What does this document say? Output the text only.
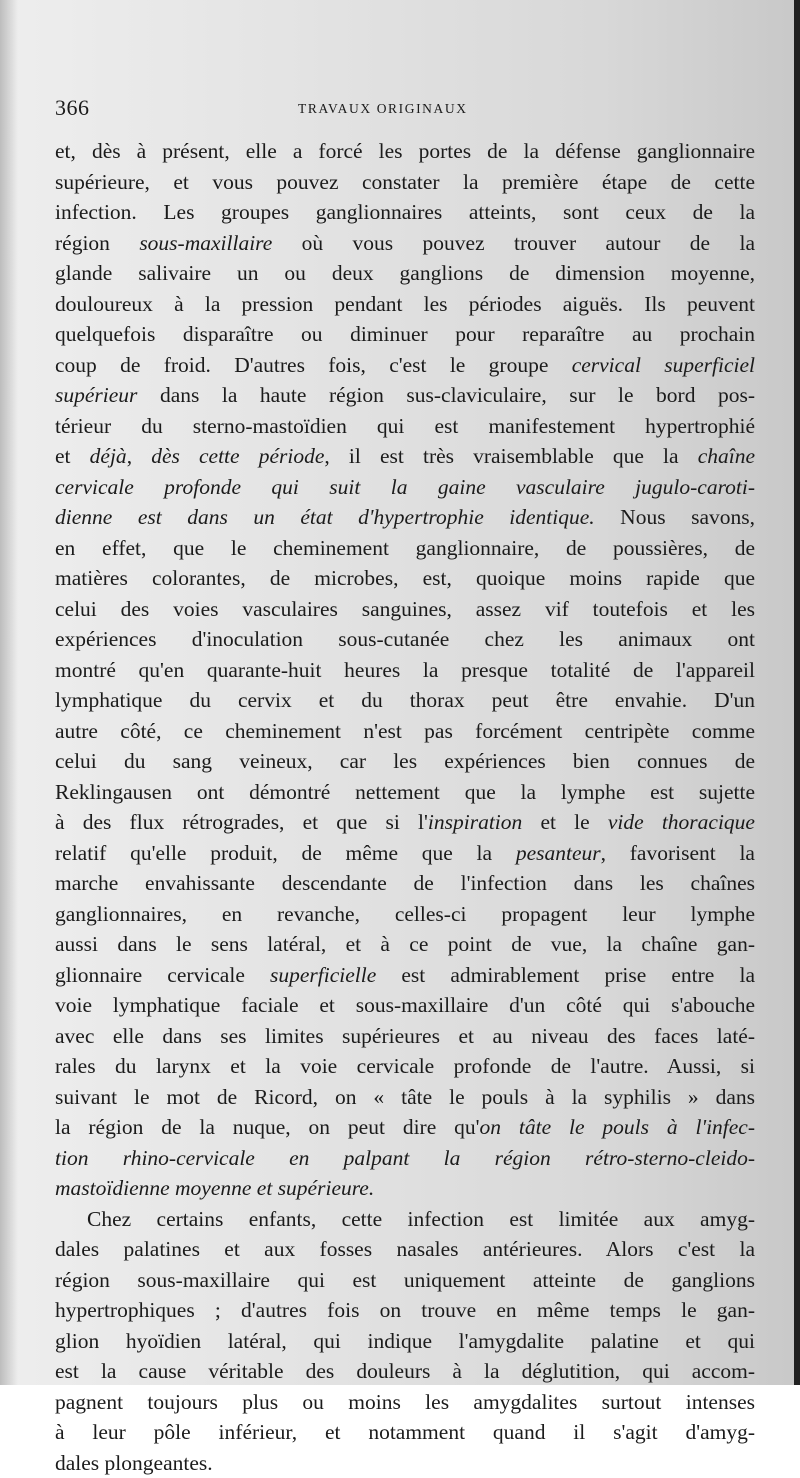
366	TRAVAUX ORIGINAUX
et, dès à présent, elle a forcé les portes de la défense ganglionnaire
supérieure, et vous pouvez constater la première étape de cette
infection. Les groupes ganglionnaires atteints, sont ceux de la
région sous-maxillaire où vous pouvez trouver autour de la
glande salivaire un ou deux ganglions de dimension moyenne,
douloureux à la pression pendant les périodes aiguës. Ils peuvent
quelquefois disparaître ou diminuer pour reparaître au prochain
coup de froid. D'autres fois, c'est le groupe cervical superficiel
supérieur dans la haute région sus-claviculaire, sur le bord pos-
térieur du sterno-mastoïdien qui est manifestement hypertrophié
et déjà, dès cette période, il est très vraisemblable que la chaîne
cervicale profonde qui suit la gaine vasculaire jugulo-caroti-
dienne est dans un état d'hypertrophie identique. Nous savons,
en effet, que le cheminement ganglionnaire, de poussières, de
matières colorantes, de microbes, est, quoique moins rapide que
celui des voies vasculaires sanguines, assez vif toutefois et les
expériences d'inoculation sous-cutanée chez les animaux ont
montré qu'en quarante-huit heures la presque totalité de l'appareil
lymphatique du cervix et du thorax peut être envahie. D'un
autre côté, ce cheminement n'est pas forcément centripète comme
celui du sang veineux, car les expériences bien connues de
Reklingausen ont démontré nettement que la lymphe est sujette
à des flux rétrogrades, et que si l'inspiration et le vide thoracique
relatif qu'elle produit, de même que la pesanteur, favorisent la
marche envahissante descendante de l'infection dans les chaînes
ganglionnaires, en revanche, celles-ci propagent leur lymphe
aussi dans le sens latéral, et à ce point de vue, la chaîne gan-
glionnaire cervicale superficielle est admirablement prise entre la
voie lymphatique faciale et sous-maxillaire d'un côté qui s'abouche
avec elle dans ses limites supérieures et au niveau des faces laté-
rales du larynx et la voie cervicale profonde de l'autre. Aussi, si
suivant le mot de Ricord, on « tâte le pouls à la syphilis » dans
la région de la nuque, on peut dire qu'on tâte le pouls à l'infec-
tion rhino-cervicale en palpant la région rétro-sterno-cleido-
mastoïdienne moyenne et supérieure.
Chez certains enfants, cette infection est limitée aux amyg-
dales palatines et aux fosses nasales antérieures. Alors c'est la
région sous-maxillaire qui est uniquement atteinte de ganglions
hypertrophiques ; d'autres fois on trouve en même temps le gan-
glion hyoïdien latéral, qui indique l'amygdalite palatine et qui
est la cause véritable des douleurs à la déglutition, qui accom-
pagnent toujours plus ou moins les amygdalites surtout intenses
à leur pôle inférieur, et notamment quand il s'agit d'amyg-
dales plongeantes.
